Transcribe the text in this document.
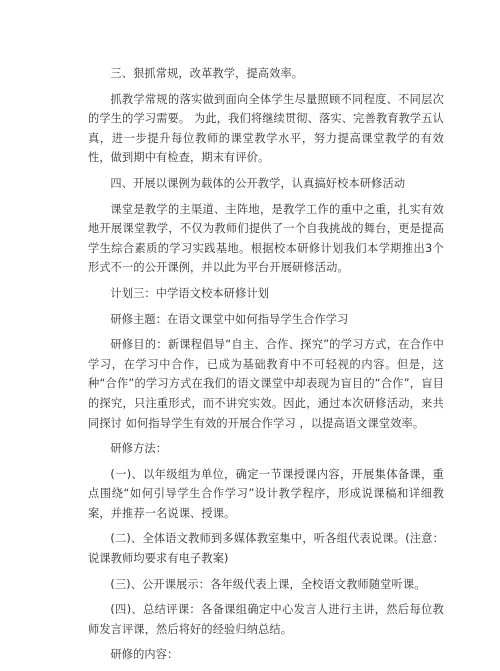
三、狠抓常规，改革教学，提高效率。

抓教学常规的落实做到面向全体学生尽量照顾不同程度、不同层次的学生的学习需要。 为此，我们将继续贯彻、落实、完善教育教学五认真，进一步提升每位教师的课堂教学水平，努力提高课堂教学的有效性，做到期中有检查，期末有评价。

四、开展以课例为载体的公开教学，认真搞好校本研修活动

课堂是教学的主渠道、主阵地，是教学工作的重中之重，扎实有效地开展课堂教学，不仅为教师们提供了一个自我挑战的舞台，更是提高学生综合素质的学习实践基地。根据校本研修计划我们本学期推出3个形式不一的公开课例，并以此为平台开展研修活动。

计划三：中学语文校本研修计划

研修主题：在语文课堂中如何指导学生合作学习

研修目的：新课程倡导“自主、合作、探究”的学习方式，在合作中学习，在学习中合作，已成为基础教育中不可轻视的内容。但是，这种“合作”的学习方式在我们的语文课堂中却表现为盲目的“合作”，盲目的探究，只注重形式，而不讲究实效。因此，通过本次研修活动，来共同探讨 如何指导学生有效的开展合作学习 ，以提高语文课堂效率。

研修方法：

(一)、以年级组为单位，确定一节课授课内容，开展集体备课，重点围绕“如何引导学生合作学习”设计教学程序，形成说课稿和详细教案，并推荐一名说课、授课。

(二)、全体语文教师到多媒体教室集中，听各组代表说课。(注意：说课教师均要求有电子教案)

(三)、公开课展示：各年级代表上课，全校语文教师随堂听课。

(四)、总结评课：各备课组确定中心发言人进行主讲，然后每位教师发言评课，然后将好的经验归纳总结。

研修的内容：
